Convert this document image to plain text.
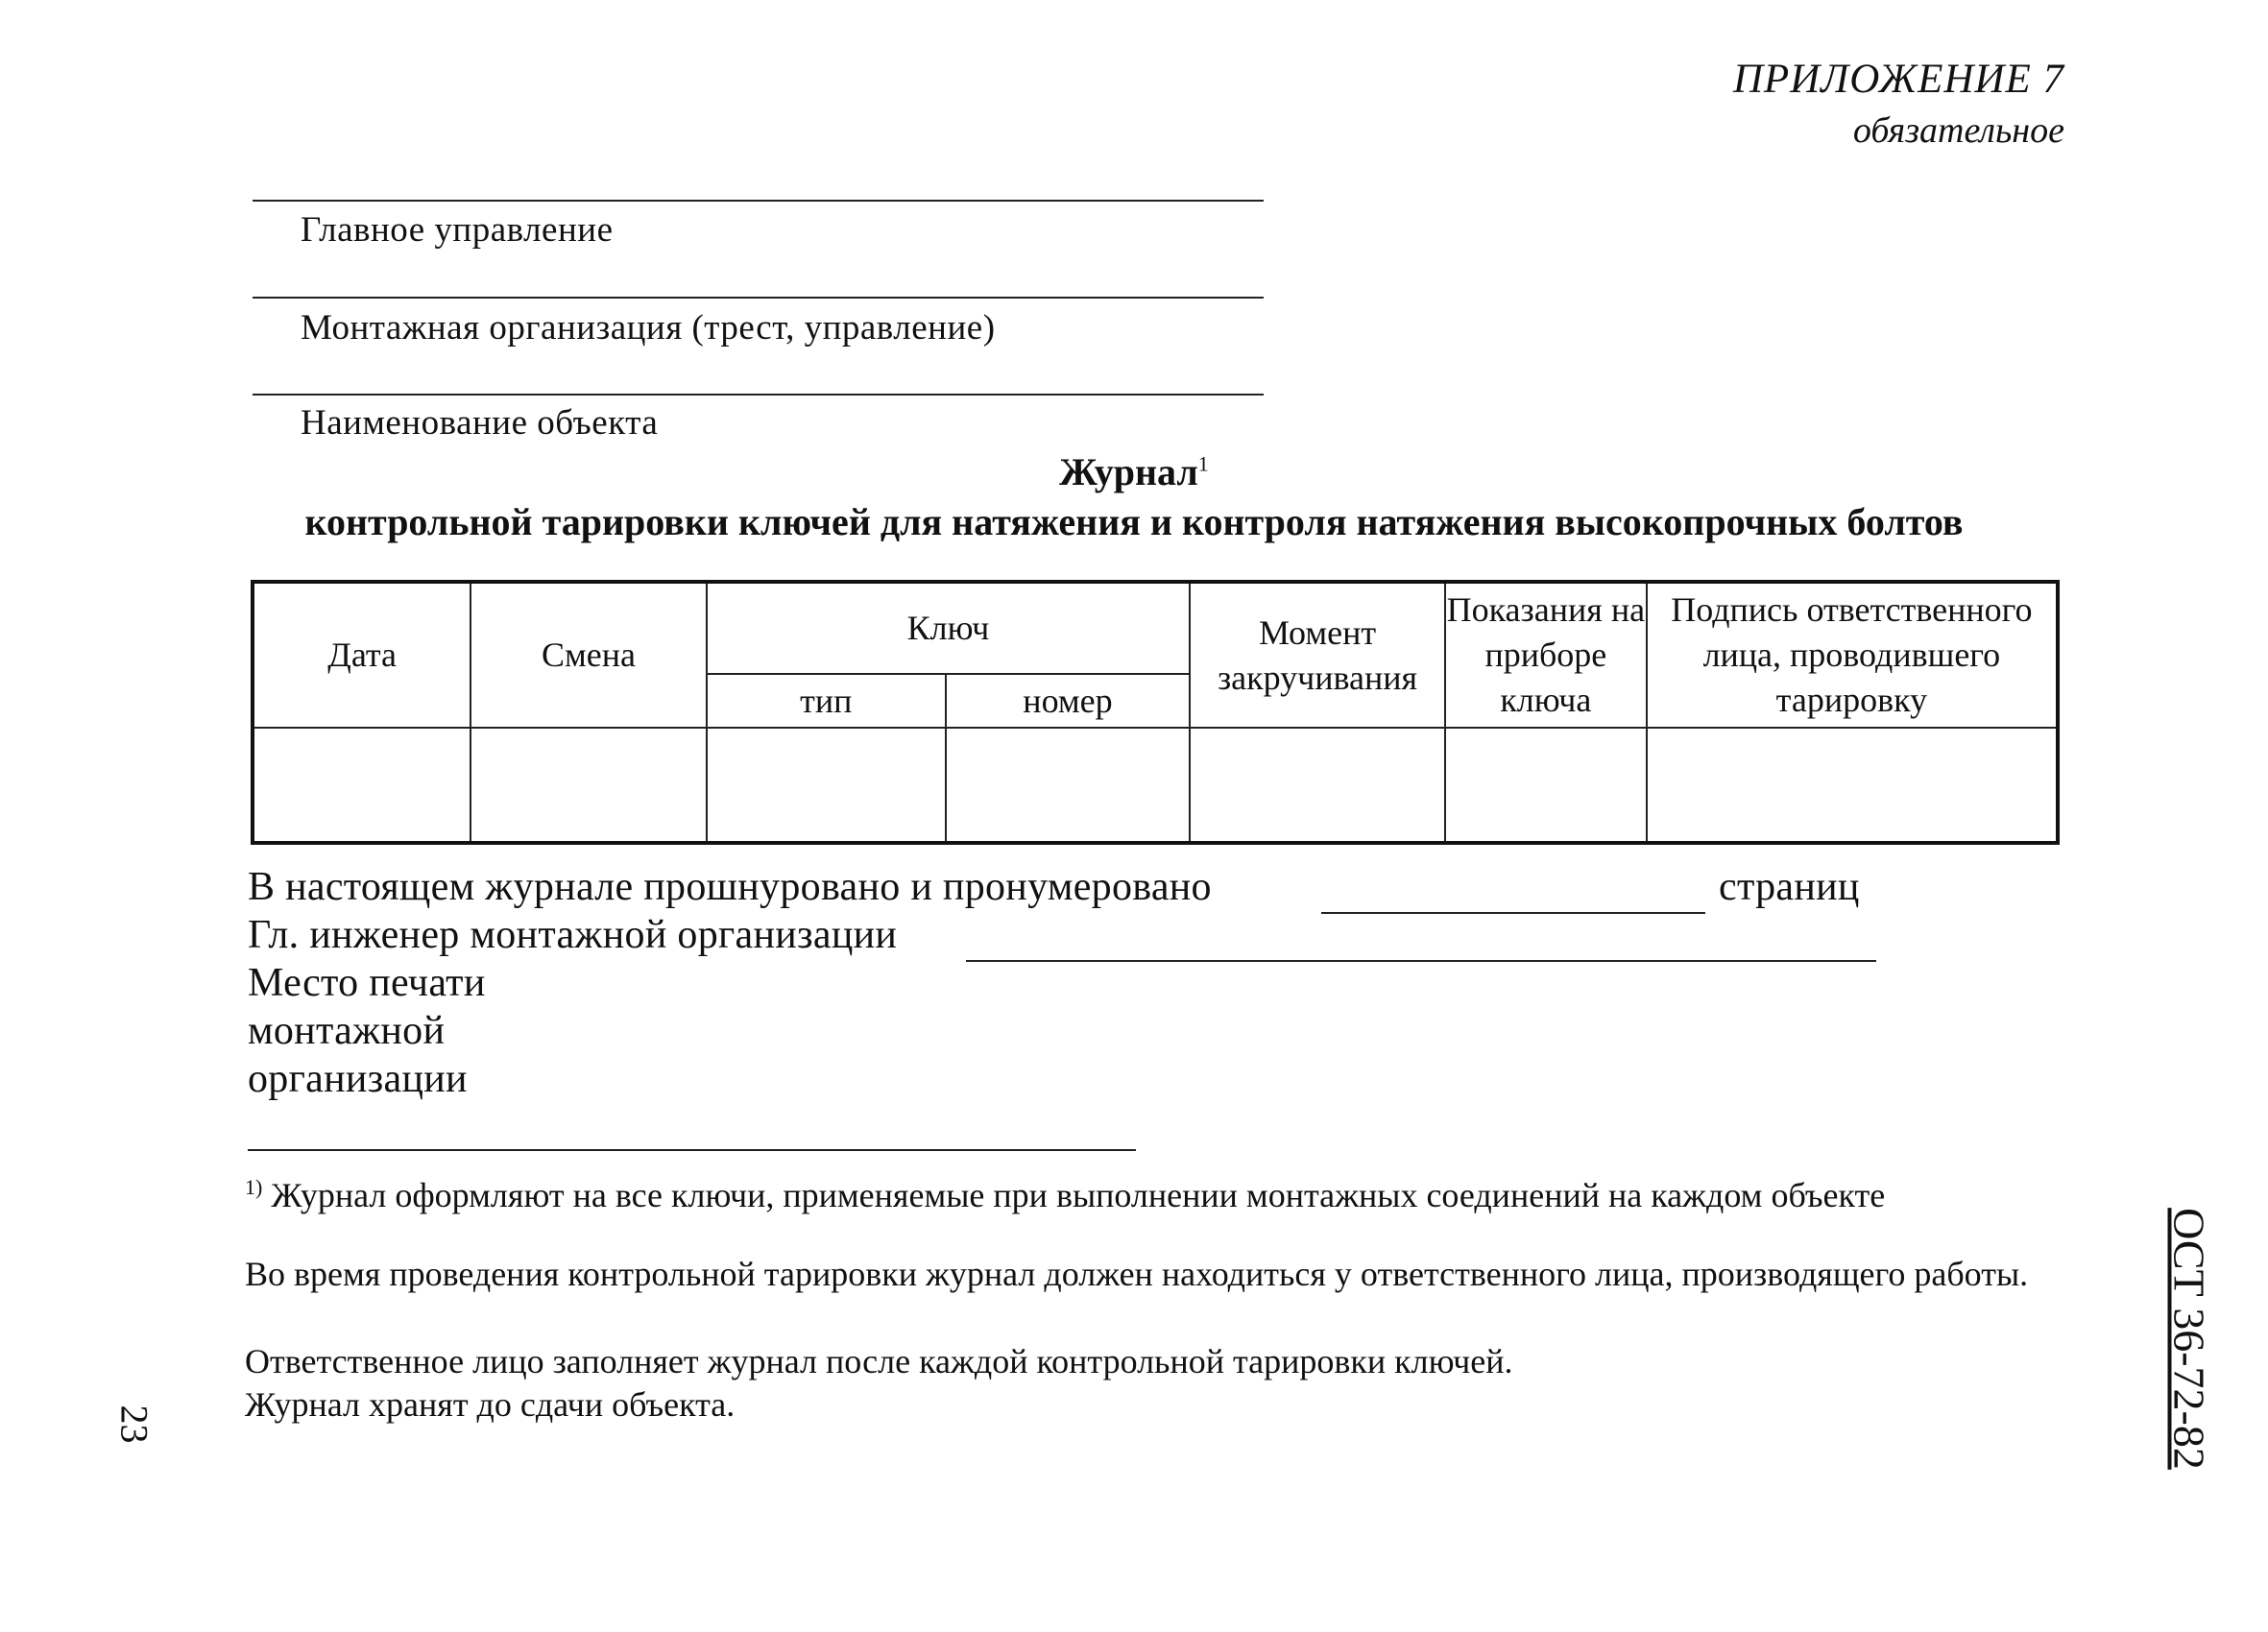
ПРИЛОЖЕНИЕ 7
обязательное
Главное управление
Монтажная организация (трест, управление)
Наименование объекта
Журнал$^1$
контрольной тарировки ключей для натяжения и контроля натяжения высокопрочных болтов
Дата	Смена	Ключ		Момент закручивания	Показания на приборе ключа	Подпись ответственного лица, проводившего тарировку
		тип	номер			

В настоящем журнале прошнуровано и пронумеровано	страниц
Гл. инженер монтажной организации
Место печати
монтажной
организации
$^{1)}$ Журнал оформляют на все ключи, применяемые при выполнении монтажных соединений на каждом объекте
Во время проведения контрольной тарировки журнал должен находиться у ответственного лица, производящего работы.
Ответственное лицо заполняет журнал после каждой контрольной тарировки ключей.
Журнал хранят до сдачи объекта.
23	ОСТ 36-72-82
